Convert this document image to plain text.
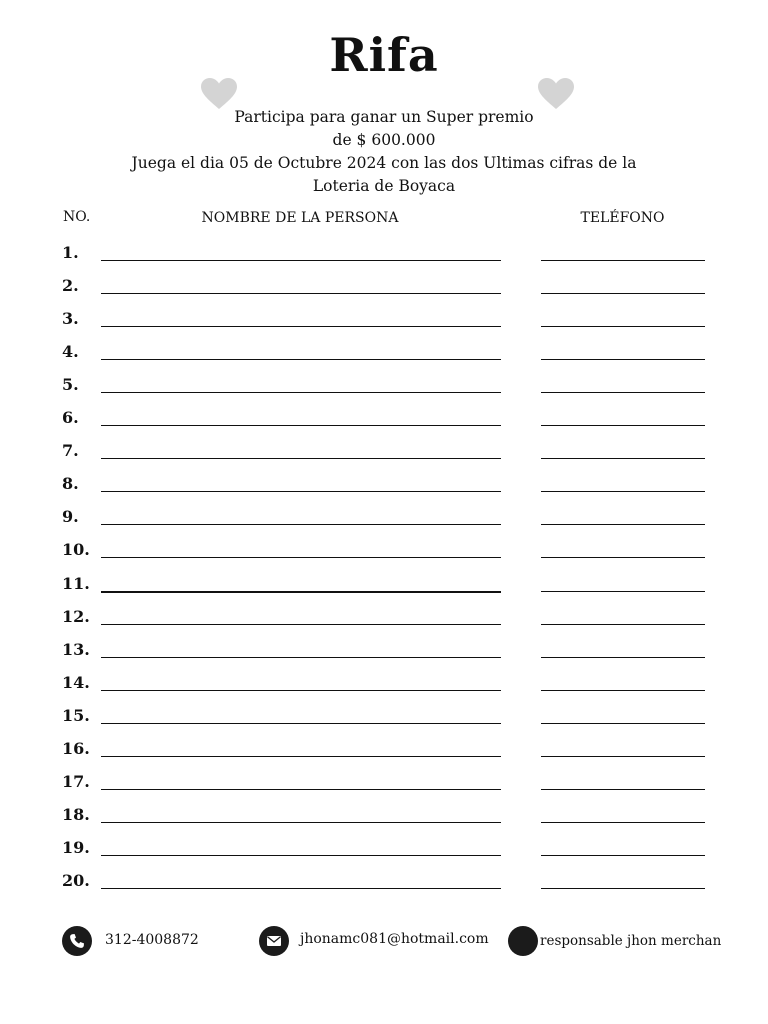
Rifa
Participa para ganar un Super premio
de $ 600.000
Juega el dia 05 de Octubre 2024 con las dos Ultimas cifras de la
Loteria de Boyaca
NO.	NOMBRE DE LA PERSONA	TELÉFONO
1.
2.
3.
4.
5.
6.
7.
8.
9.
10.
11.
12.
13.
14.
15.
16.
17.
18.
19.
20.
312-4008872	jhonamc081@hotmail.com	responsable jhon merchan
